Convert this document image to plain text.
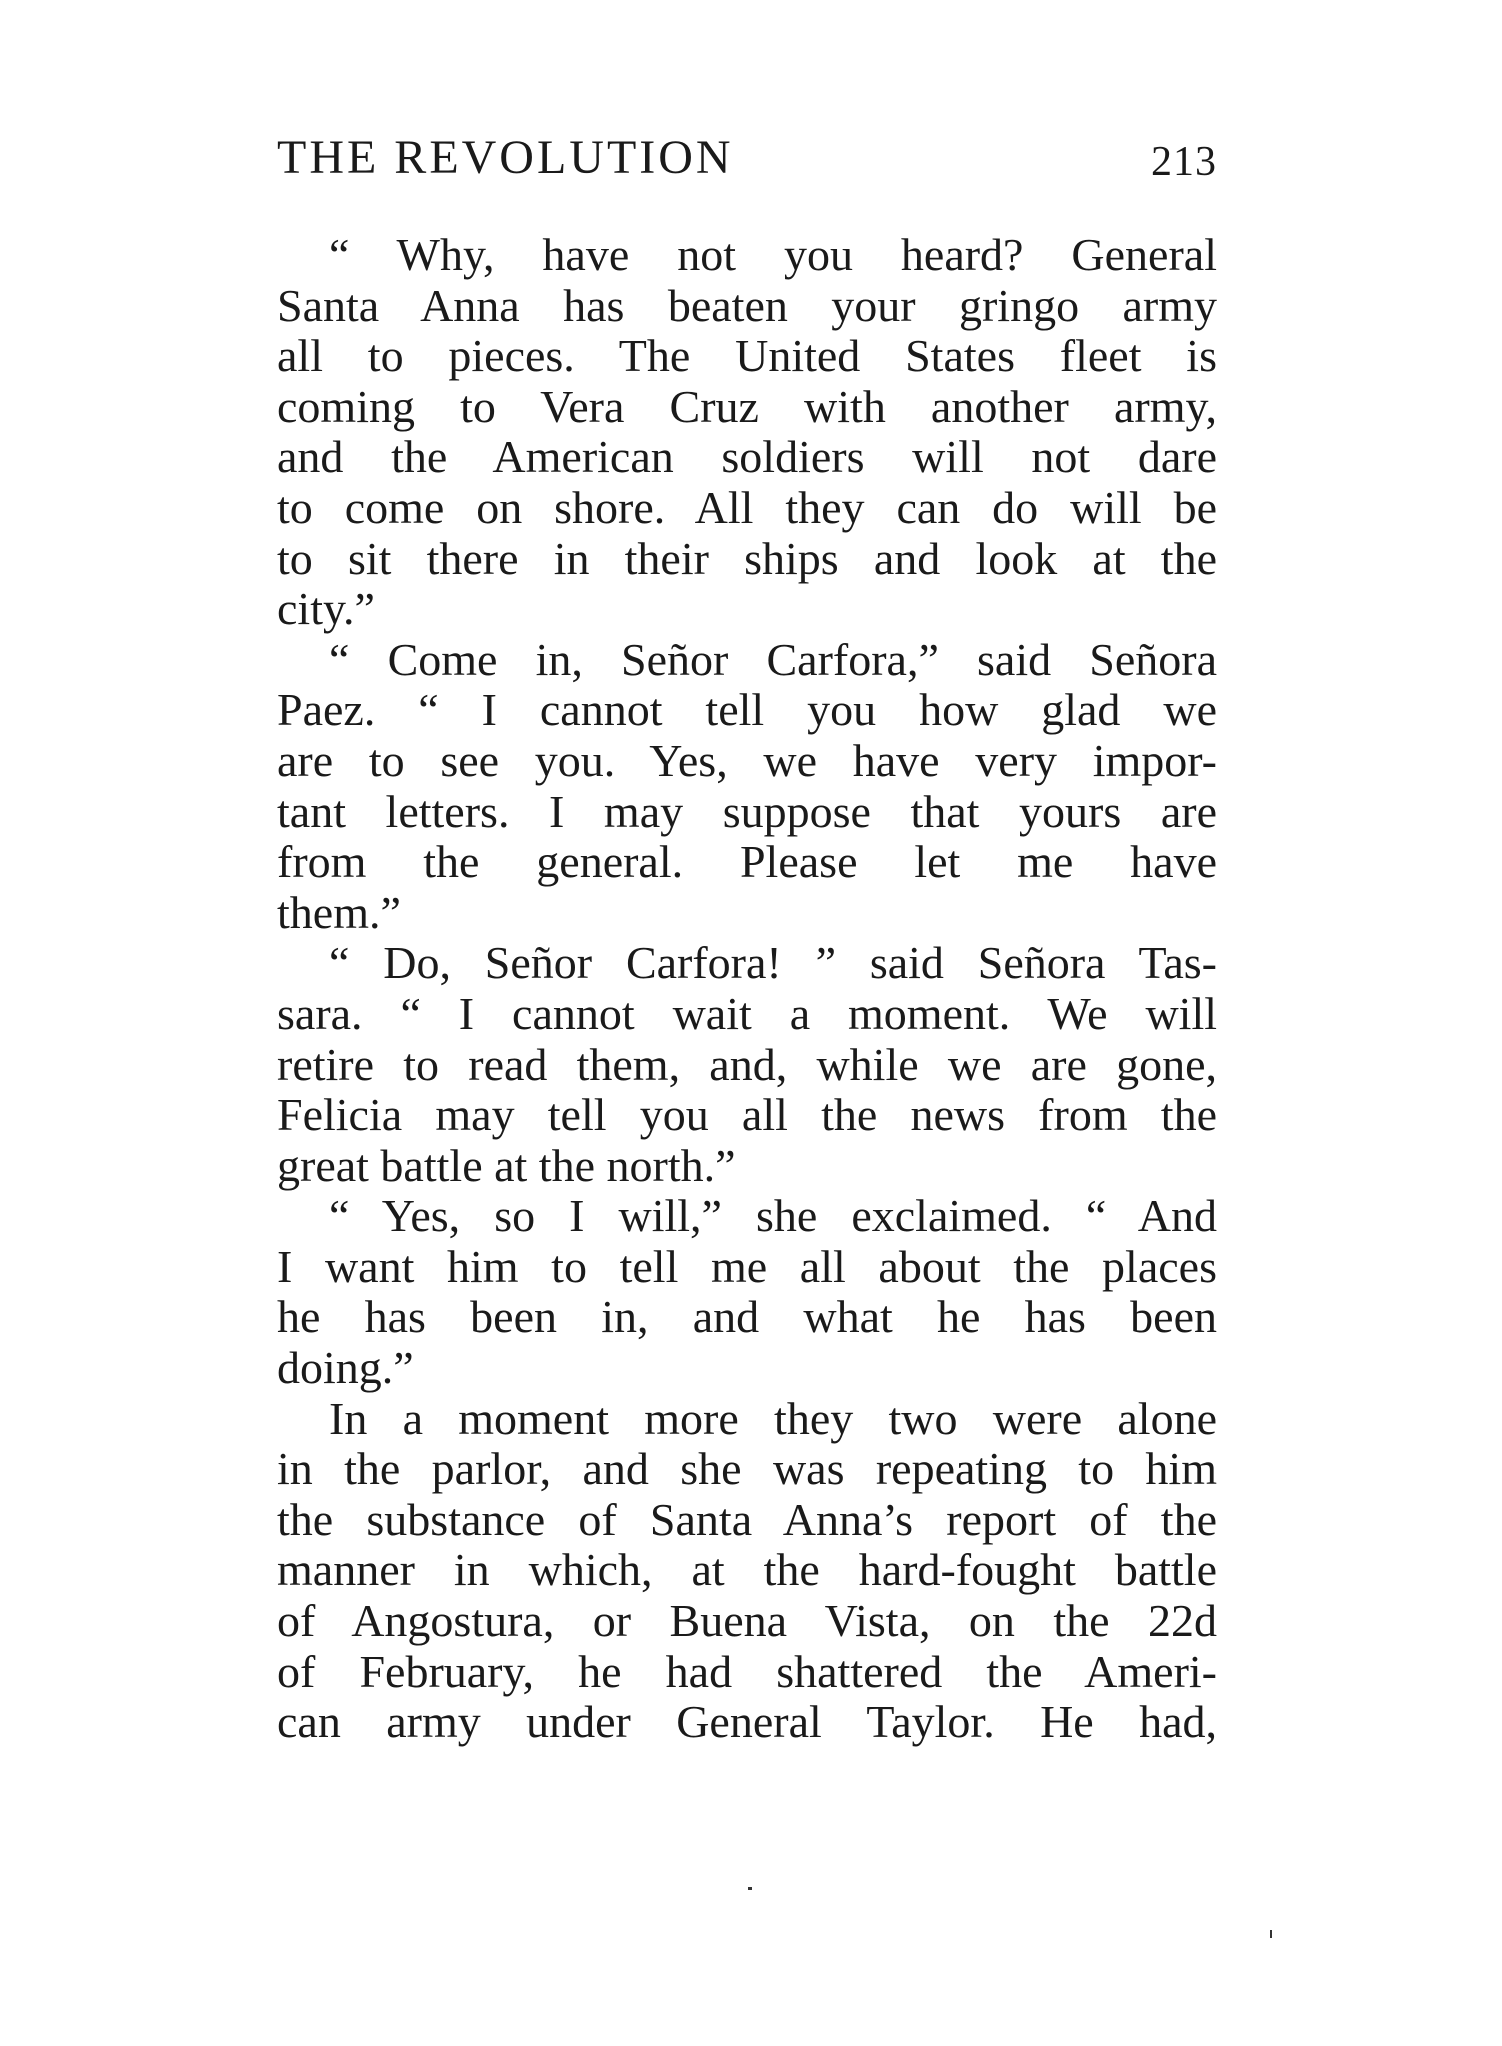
THE REVOLUTION	213
“ Why, have not you heard? General
Santa Anna has beaten your gringo army
all to pieces. The United States fleet is
coming to Vera Cruz with another army,
and the American soldiers will not dare
to come on shore. All they can do will be
to sit there in their ships and look at the
city.”
“ Come in, Señor Carfora,” said Señora
Paez. “ I cannot tell you how glad we
are to see you. Yes, we have very impor-
tant letters. I may suppose that yours are
from the general. Please let me have
them.”
“ Do, Señor Carfora! ” said Señora Tas-
sara. “ I cannot wait a moment. We will
retire to read them, and, while we are gone,
Felicia may tell you all the news from the
great battle at the north.”
“ Yes, so I will,” she exclaimed. “ And
I want him to tell me all about the places
he has been in, and what he has been
doing.”
In a moment more they two were alone
in the parlor, and she was repeating to him
the substance of Santa Anna’s report of the
manner in which, at the hard-fought battle
of Angostura, or Buena Vista, on the 22d
of February, he had shattered the Ameri-
can army under General Taylor. He had,
